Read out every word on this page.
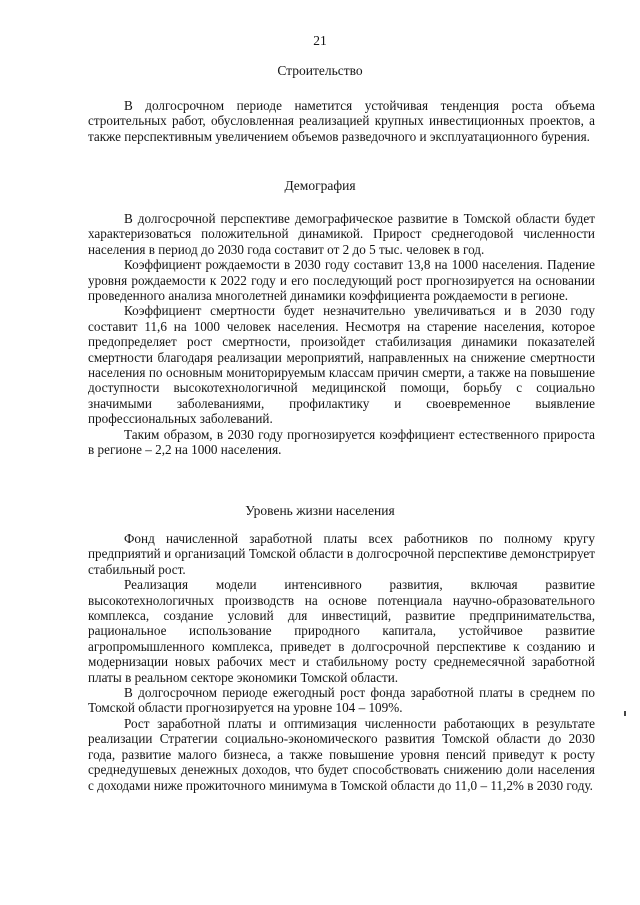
21
Строительство

В долгосрочном периоде наметится устойчивая тенденция роста объема строительных работ, обусловленная реализацией крупных инвестиционных проектов, а также перспективным увеличением объемов разведочного и эксплуатационного бурения.

Демография

В долгосрочной перспективе демографическое развитие в Томской области будет характеризоваться положительной динамикой. Прирост среднегодовой численности населения в период до 2030 года составит от 2 до 5 тыс. человек в год.

Коэффициент рождаемости в 2030 году составит 13,8 на 1000 населения. Падение уровня рождаемости к 2022 году и его последующий рост прогнозируется на основании проведенного анализа многолетней динамики коэффициента рождаемости в регионе.

Коэффициент смертности будет незначительно увеличиваться и в 2030 году составит 11,6 на 1000 человек населения. Несмотря на старение населения, которое предопределяет рост смертности, произойдет стабилизация динамики показателей смертности благодаря реализации мероприятий, направленных на снижение смертности населения по основным мониторируемым классам причин смерти, а также на повышение доступности высокотехнологичной медицинской помощи, борьбу с социально значимыми заболеваниями, профилактику и своевременное выявление профессиональных заболеваний.

Таким образом, в 2030 году прогнозируется коэффициент естественного прироста в регионе – 2,2 на 1000 населения.

Уровень жизни населения

Фонд начисленной заработной платы всех работников по полному кругу предприятий и организаций Томской области в долгосрочной перспективе демонстрирует стабильный рост.

Реализация модели интенсивного развития, включая развитие высокотехнологичных производств на основе потенциала научно-образовательного комплекса, создание условий для инвестиций, развитие предпринимательства, рациональное использование природного капитала, устойчивое развитие агропромышленного комплекса, приведет в долгосрочной перспективе к созданию и модернизации новых рабочих мест и стабильному росту среднемесячной заработной платы в реальном секторе экономики Томской области.

В долгосрочном периоде ежегодный рост фонда заработной платы в среднем по Томской области прогнозируется на уровне 104 – 109%.

Рост заработной платы и оптимизация численности работающих в результате реализации Стратегии социально-экономического развития Томской области до 2030 года, развитие малого бизнеса, а также повышение уровня пенсий приведут к росту среднедушевых денежных доходов, что будет способствовать снижению доли населения с доходами ниже прожиточного минимума в Томской области до 11,0 – 11,2% в 2030 году.
